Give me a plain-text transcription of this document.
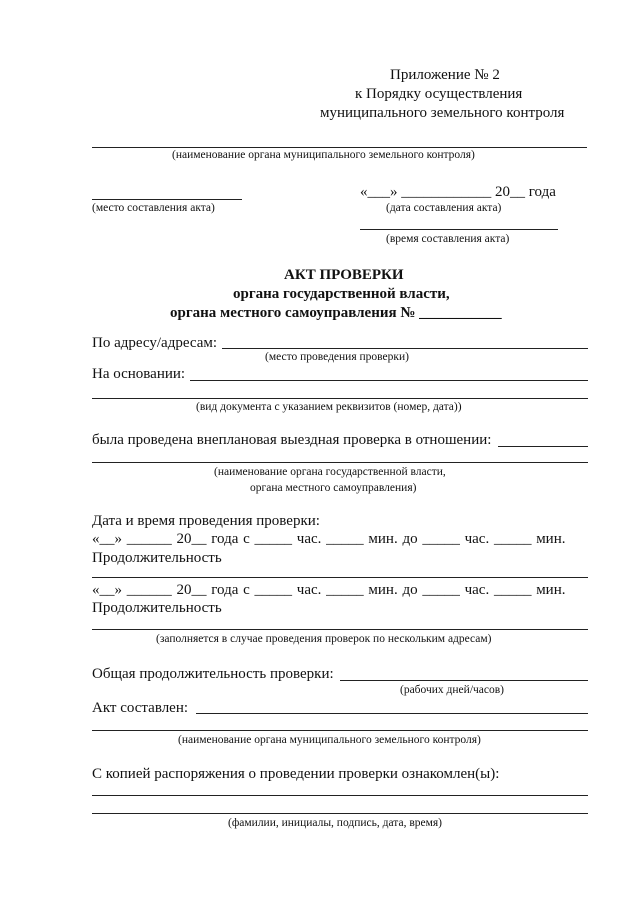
Приложение № 2
к Порядку осуществления
муниципального земельного контроля
(наименование органа муниципального земельного контроля)
«___» ____________ 20__ года
(место составления акта)	(дата составления акта)
(время составления акта)
АКТ ПРОВЕРКИ
органа государственной власти,
органа местного самоуправления № ___________
По адресу/адресам:
(место проведения проверки)
На основании:
(вид документа с указанием реквизитов (номер, дата))
была проведена внеплановая выездная проверка в отношении:
(наименование органа государственной власти,
органа местного самоуправления)
Дата и время проведения проверки:
«__» ______ 20__ года с _____ час. _____ мин. до _____ час. _____ мин.
Продолжительность
«__» ______ 20__ года с _____ час. _____ мин. до _____ час. _____ мин.
Продолжительность
(заполняется в случае проведения проверок по нескольким адресам)
Общая продолжительность проверки:
(рабочих дней/часов)
Акт составлен:
(наименование органа муниципального земельного контроля)
С копией распоряжения о проведении проверки ознакомлен(ы):
(фамилии, инициалы, подпись, дата, время)
